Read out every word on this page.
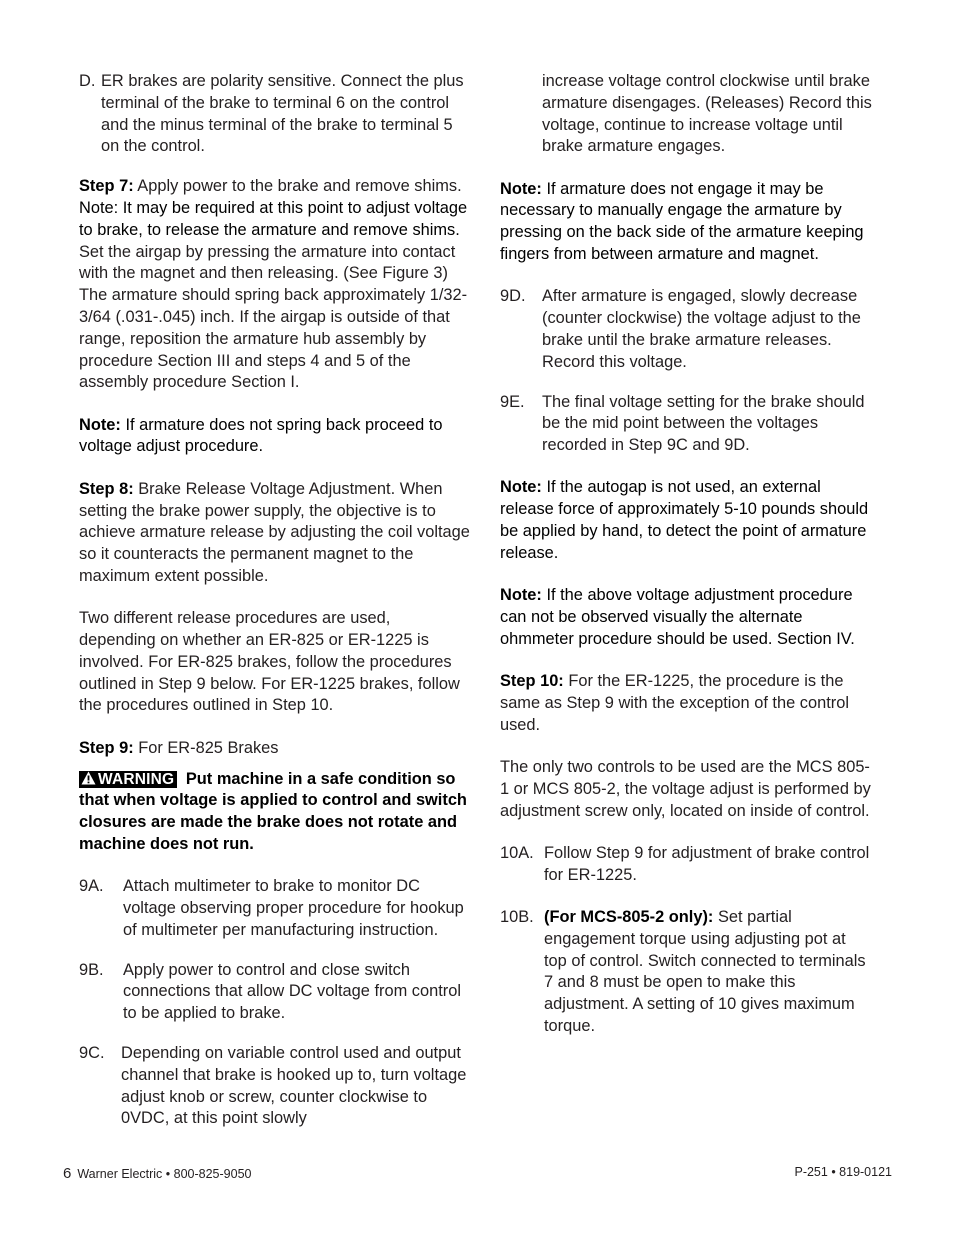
D. ER brakes are polarity sensitive. Connect the plus terminal of the brake to terminal 6 on the control and the minus terminal of the brake to terminal 5 on the control.

Step 7: Apply power to the brake and remove shims. Note: It may be required at this point to adjust voltage to brake, to release the armature and remove shims. Set the airgap by pressing the armature into contact with the magnet and then releasing. (See Figure 3) The armature should spring back approximately 1/32-3/64 (.031-.045) inch. If the airgap is outside of that range, reposition the armature hub assembly by procedure Section III and steps 4 and 5 of the assembly procedure Section I.

Note: If armature does not spring back proceed to voltage adjust procedure.

Step 8: Brake Release Voltage Adjustment. When setting the brake power supply, the objective is to achieve armature release by adjusting the coil voltage so it counteracts the permanent magnet to the maximum extent possible.

Two different release procedures are used, depending on whether an ER-825 or ER-1225 is involved. For ER-825 brakes, follow the procedures outlined in Step 9 below. For ER-1225 brakes, follow the procedures outlined in Step 10.

Step 9: For ER-825 Brakes

WARNING Put machine in a safe condition so that when voltage is applied to control and switch closures are made the brake does not rotate and machine does not run.

9A.	Attach multimeter to brake to monitor DC voltage observing proper procedure for hookup of multimeter per manufacturing instruction.
9B.	Apply power to control and close switch connections that allow DC voltage from control to be applied to brake.
9C.	Depending on variable control used and output channel that brake is hooked up to, turn voltage adjust knob or screw, counter clockwise to 0VDC, at this point slowly
increase voltage control clockwise until brake armature disengages. (Releases) Record this voltage, continue to increase voltage until brake armature engages.

Note: If armature does not engage it may be necessary to manually engage the armature by pressing on the back side of the armature keeping fingers from between armature and magnet.

9D.	After armature is engaged, slowly decrease (counter clockwise) the voltage adjust to the brake until the brake armature releases. Record this voltage.
9E.	The final voltage setting for the brake should be the mid point between the voltages recorded in Step 9C and 9D.

Note: If the autogap is not used, an external release force of approximately 5-10 pounds should be applied by hand, to detect the point of armature release.

Note: If the above voltage adjustment procedure can not be observed visually the alternate ohmmeter procedure should be used. Section IV.

Step 10: For the ER-1225, the procedure is the same as Step 9 with the exception of the control used.

The only two controls to be used are the MCS 805-1 or MCS 805-2, the voltage adjust is performed by adjustment screw only, located on inside of control.

10A. Follow Step 9 for adjustment of brake control for ER-1225.
10B. (For MCS-805-2 only): Set partial engagement torque using adjusting pot at top of control. Switch connected to terminals 7 and 8 must be open to make this adjustment. A setting of 10 gives maximum torque.
6 Warner Electric • 800-825-9050	P-251 • 819-0121
